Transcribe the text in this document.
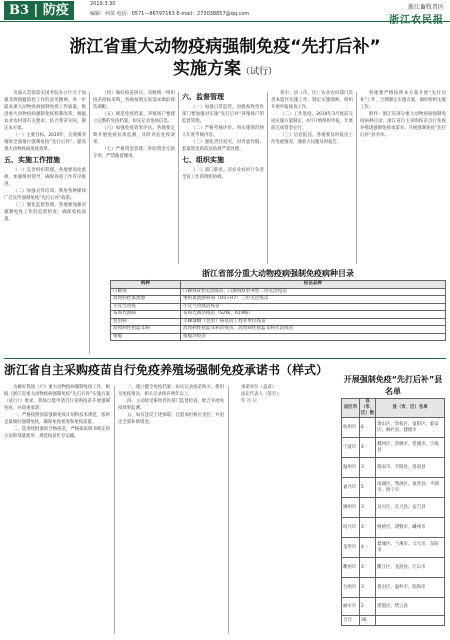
B3 | 防疫	2019.3.30
编辑：何苗 电话：0571—86797163 E-mail：273038857@qq.com
浙江畜牧兽医
浙江农民报
浙江省重大动物疫病强制免疫“先打后补”
实施方案（试行）

为深入贯彻落实国务院办公厅关于加强非洲猪瘟防控工作的意见精神，进一步提高重大动物疫病强制免疫工作质量，推进重大动物疫病强制免疫机制改革，根据农业农村部有关要求，结合我省实际，制定本方案。

（一）主要目标。2019年，在规模养殖场全面推行强制免疫“先打后补”，提高重大动物疫病免疫效果。

五、实施工作措施

（一）完善组织管理。各地要高度重视，加强组织领导，确保各项工作有序推进。

（二）加强宣传培训。利用各种媒体广泛宣传强制免疫“先打后补”政策。

（三）强化监督管理。各地要加强对强制免疫工作的监督检查，确保免疫质量。

（四）做好疫苗供应。省级统一组织疫苗招标采购，各地按照实际需求做好疫苗调配。

（五）规范免疫档案。养殖场户要建立完整的免疫档案，如实记录免疫信息。

（六）加强免疫效果评估。各地要定期开展免疫抗体监测，及时评估免疫效果。

（七）严格资金管理。补助资金专款专用，严禁截留挪用。

六、监督管理

（一）加强日常监管。县级畜牧兽医部门要加强对实施“先打后补”养殖场户的监督管理。

（二）严格考核评价。将实施情况纳入年度考核内容。

（三）强化责任追究。对弄虚作假、套取资金的依法依规严肃处理。

七、组织实施

（一）部门职责。省农业农村厅负责全省工作的组织协调。

各市、县（市、区）农业农村部门负责本辖区实施工作，制定实施细则，组织开展申报核查工作。

（二）工作进度。2019年3月底前完成实施方案制定，4月开始组织申报，年底前完成资金兑付。

（三）信息报送。各地要及时报送工作进展情况，遇重大问题及时报告。

各地要严格按照本方案开展“先打后补”工作，合理制定实施方案，做好组织实施工作。

附件：浙江省部分重大动物疫病强制免疫病种目录；浙江省自主采购疫苗自行免疫养殖场强制免疫承诺书；开展强制免疫“先打后补”县名单。

浙江省部分重大动物疫病强制免疫病种目录
病种	疫苗品种
口蹄疫	口蹄疫O型灭活疫苗、口蹄疫O型-A型二价灭活疫苗
高致病性禽流感	重组禽流感病毒（H5+H7）三价灭活疫苗
小反刍兽疫	小反刍兽疫活疫苗
布鲁氏菌病	布鲁氏菌活疫苗（S2株、A19株）
包虫病	羊棘球蚴（包虫）病基因工程亚单位疫苗
高致病性猪蓝耳病	高致病性猪蓝耳病活疫苗、高致病性猪蓝耳病灭活疫苗
猪瘟	猪瘟活疫苗
浙江省自主采购疫苗自行免疫养殖场强制免疫承诺书（样式）

为做好我场（户）重大动物疫病强制免疫工作，根据《浙江省重大动物疫病强制免疫“先打后补”实施方案（试行）》要求，我场自愿申请自行采购疫苗开展强制免疫，并郑重承诺：

一、严格按照国家强制免疫计划和技术规范，按时足量做好强制免疫，确保免疫密度和免疫质量。

二、选用经批准的合格疫苗，严格按说明书规定的方法和剂量使用，规范疫苗贮存运输。

三、建立健全免疫档案，如实记录疫苗购买、使用及免疫情况，相关记录保存两年以上。

四、主动接受畜牧兽医部门监督检查，配合开展免疫效果监测。

五、如有违反上述承诺，自愿承担相应责任，并退还全部补助资金。

承诺单位（盖章）：

法定代表人（签字）：

年 月 日

开展强制免疫“先打后补”县名单
设区市	县（市、区）数	县（市、区）名单
杭州市	6	萧山区、余杭区、富阳区、临安区、桐庐县、建德市
宁波市	4	鄞州区、余姚市、慈溪市、宁海县
温州市	3	瑞安市、平阳县、苍南县
嘉兴市	5	南湖区、秀洲区、嘉善县、平湖市、海宁市
湖州市	3	吴兴区、长兴县、安吉县
绍兴市	3	柯桥区、诸暨市、嵊州市
金华市	4	婺城区、兰溪市、义乌市、东阳市
衢州市	3	衢江区、龙游县、江山市
台州市	3	黄岩区、温岭市、临海市
丽水市	2	莲都区、缙云县
合计	36	
